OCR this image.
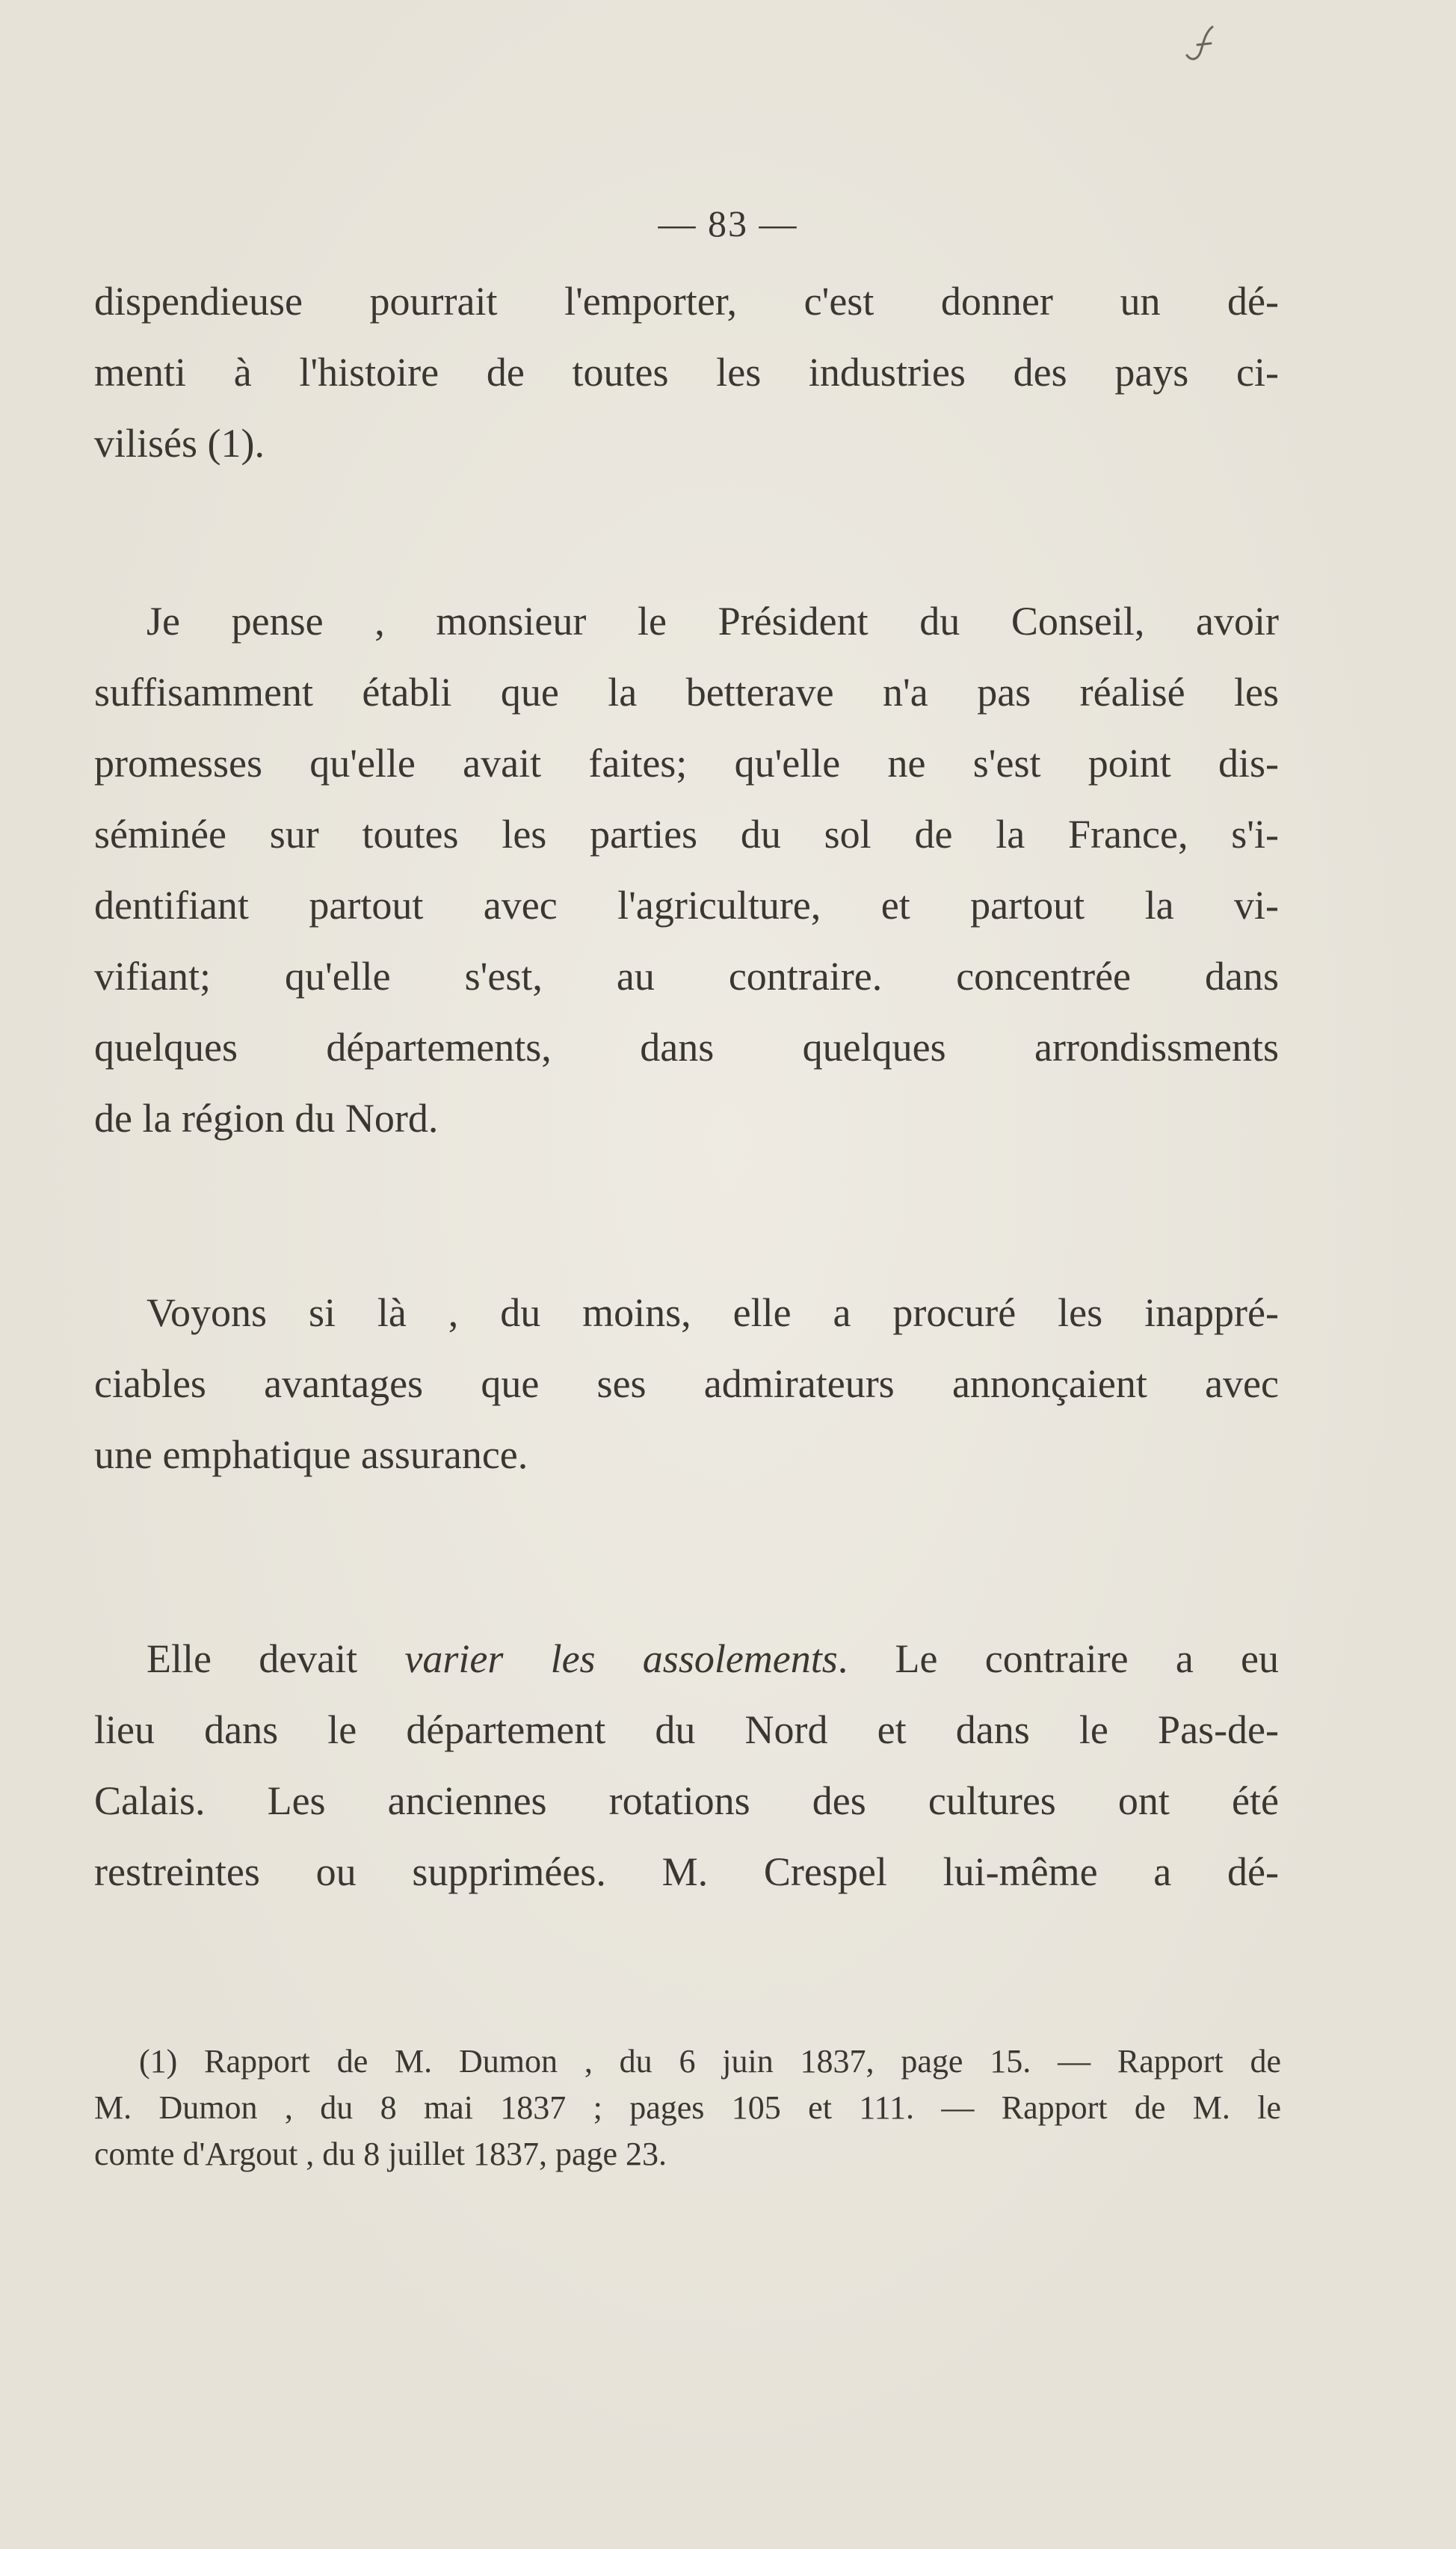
— 83 —
dispendieuse pourrait l'emporter, c'est donner un dé-
menti à l'histoire de toutes les industries des pays ci-
vilisés (1).
Je pense , monsieur le Président du Conseil, avoir
suffisamment établi que la betterave n'a pas réalisé les
promesses qu'elle avait faites; qu'elle ne s'est point dis-
séminée sur toutes les parties du sol de la France, s'i-
dentifiant partout avec l'agriculture, et partout la vi-
vifiant; qu'elle s'est, au contraire. concentrée dans
quelques départements, dans quelques arrondissments
de la région du Nord.
Voyons si là , du moins, elle a procuré les inappré-
ciables avantages que ses admirateurs annonçaient avec
une emphatique assurance.
Elle devait varier les assolements. Le contraire a eu
lieu dans le département du Nord et dans le Pas-de-
Calais. Les anciennes rotations des cultures ont été
restreintes ou supprimées. M. Crespel lui-même a dé-
(1) Rapport de M. Dumon , du 6 juin 1837, page 15. — Rapport de
M. Dumon , du 8 mai 1837 ; pages 105 et 111. — Rapport de M. le
comte d'Argout , du 8 juillet 1837, page 23.
